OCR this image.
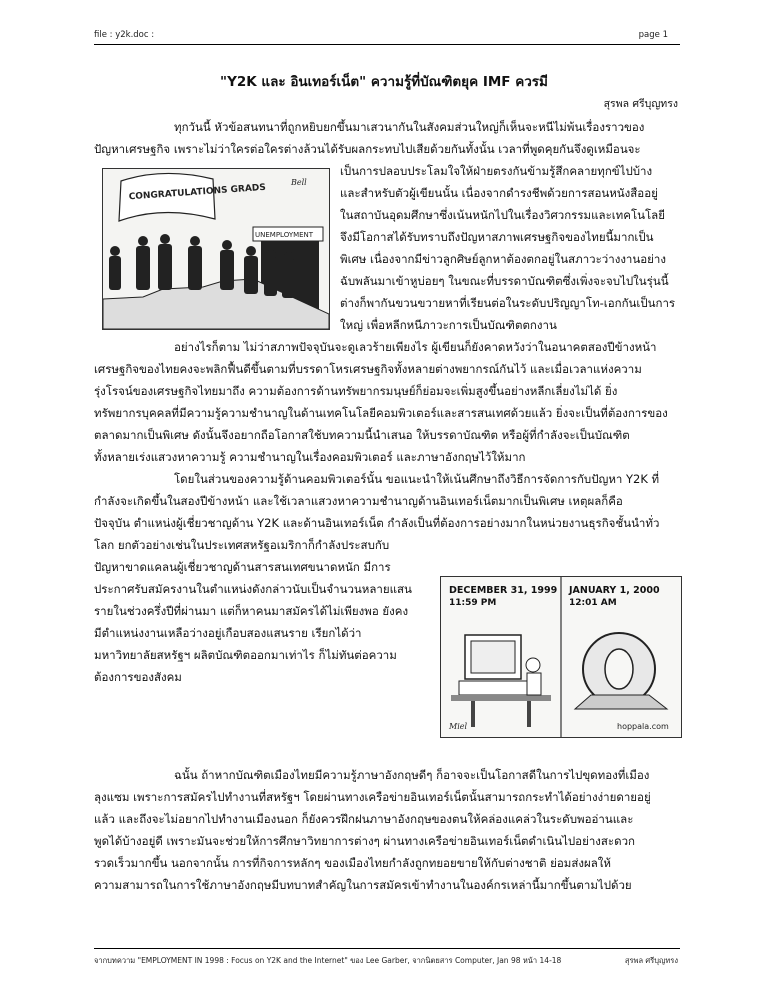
file : y2k.doc :	page 1
"Y2K และ อินเทอร์เน็ต" ความรู้ที่บัณฑิตยุค IMF ควรมี
สุรพล ศรีบุญทรง
ทุกวันนี้ หัวข้อสนทนาที่ถูกหยิบยกขึ้นมาเสวนากันในสังคมส่วนใหญ่ก็เห็นจะหนีไม่พ้นเรื่องราวของ
ปัญหาเศรษฐกิจ เพราะไม่ว่าใครต่อใครต่างล้วนได้รับผลกระทบไปเสียด้วยกันทั้งนั้น เวลาที่พูดคุยกันจึงดูเหมือนจะ
CONGRATULATIONS GRADS
UNEMPLOYMENT
Bell
เป็นการปลอบประโลมใจให้ฝ่ายตรงกันข้ามรู้สึกคลายทุกข์ไปบ้าง
และสำหรับตัวผู้เขียนนั้น เนื่องจากดำรงชีพด้วยการสอนหนังสืออยู่
ในสถาบันอุดมศึกษาซึ่งเน้นหนักไปในเรื่องวิศวกรรมและเทคโนโลยี
จึงมีโอกาสได้รับทราบถึงปัญหาสภาพเศรษฐกิจของไทยนี้มากเป็น
พิเศษ เนื่องจากมีข่าวลูกศิษย์ลูกหาต้องตกอยู่ในสภาวะว่างงานอย่าง
ฉับพลันมาเข้าหูบ่อยๆ ในขณะที่บรรดาบัณฑิตซึ่งเพิ่งจะจบไปในรุ่นนี้
ต่างก็พากันขวนขวายหาที่เรียนต่อในระดับปริญญาโท-เอกกันเป็นการ
ใหญ่ เพื่อหลีกหนีภาวะการเป็นบัณฑิตตกงาน
อย่างไรก็ตาม ไม่ว่าสภาพปัจจุบันจะดูเลวร้ายเพียงไร ผู้เขียนก็ยังคาดหวังว่าในอนาคตสองปีข้างหน้า
เศรษฐกิจของไทยคงจะพลิกฟื้นดีขึ้นตามที่บรรดาโหรเศรษฐกิจทั้งหลายต่างพยากรณ์กันไว้ และเมื่อเวลาแห่งความ
รุ่งโรจน์ของเศรษฐกิจไทยมาถึง ความต้องการด้านทรัพยากรมนุษย์ก็ย่อมจะเพิ่มสูงขึ้นอย่างหลีกเลี่ยงไม่ได้ ยิ่ง
ทรัพยากรบุคคลที่มีความรู้ความชำนาญในด้านเทคโนโลยีคอมพิวเตอร์และสารสนเทศด้วยแล้ว ยิ่งจะเป็นที่ต้องการของ
ตลาดมากเป็นพิเศษ ดังนั้นจึงอยากถือโอกาสใช้บทความนี้นำเสนอ ให้บรรดาบัณฑิต หรือผู้ที่กำลังจะเป็นบัณฑิต
ทั้งหลายเร่งแสวงหาความรู้ ความชำนาญในเรื่องคอมพิวเตอร์ และภาษาอังกฤษไว้ให้มาก
โดยในส่วนของความรู้ด้านคอมพิวเตอร์นั้น ขอแนะนำให้เน้นศึกษาถึงวิธีการจัดการกับปัญหา Y2K ที่
กำลังจะเกิดขึ้นในสองปีข้างหน้า และใช้เวลาแสวงหาความชำนาญด้านอินเทอร์เน็ตมากเป็นพิเศษ เหตุผลก็คือ
ปัจจุบัน ตำแหน่งผู้เชี่ยวชาญด้าน Y2K และด้านอินเทอร์เน็ต กำลังเป็นที่ต้องการอย่างมากในหน่วยงานธุรกิจชั้นนำทั่ว
โลก ยกตัวอย่างเช่นในประเทศสหรัฐอเมริกาก็กำลังประสบกับ
ปัญหาขาดแคลนผู้เชี่ยวชาญด้านสารสนเทศขนาดหนัก มีการ
ประกาศรับสมัครงานในตำแหน่งดังกล่าวนับเป็นจำนวนหลายแสน
รายในช่วงครึ่งปีที่ผ่านมา แต่ก็หาคนมาสมัครได้ไม่เพียงพอ ยังคง
มีตำแหน่งงานเหลือว่างอยู่เกือบสองแสนราย เรียกได้ว่า
มหาวิทยาลัยสหรัฐฯ ผลิตบัณฑิตออกมาเท่าไร ก็ไม่ทันต่อความ
ต้องการของสังคม
DECEMBER 31, 1999
11:59 PM
JANUARY 1, 2000
12:01 AM
Miel	hoppala.com
ฉนั้น ถ้าหากบัณฑิตเมืองไทยมีความรู้ภาษาอังกฤษดีๆ ก็อาจจะเป็นโอกาสดีในการไปขุดทองที่เมือง
ลุงแซม เพราะการสมัครไปทำงานที่สหรัฐฯ โดยผ่านทางเครือข่ายอินเทอร์เน็ตนั้นสามารถกระทำได้อย่างง่ายดายอยู่
แล้ว และถึงจะไม่อยากไปทำงานเมืองนอก ก็ยังควรฝึกฝนภาษาอังกฤษของตนให้คล่องแคล่วในระดับพออ่านและ
พูดได้บ้างอยู่ดี เพราะมันจะช่วยให้การศึกษาวิทยาการต่างๆ ผ่านทางเครือข่ายอินเทอร์เน็ตดำเนินไปอย่างสะดวก
รวดเร็วมากขึ้น นอกจากนั้น การที่กิจการหลักๆ ของเมืองไทยกำลังถูกทยอยขายให้กับต่างชาติ ย่อมส่งผลให้
ความสามารถในการใช้ภาษาอังกฤษมีบทบาทสำคัญในการสมัครเข้าทำงานในองค์กรเหล่านี้มากขึ้นตามไปด้วย
จากบทความ "EMPLOYMENT IN 1998 : Focus on Y2K and the Internet" ของ Lee Garber, จากนิตยสาร Computer, Jan 98 หน้า 14-18	สุรพล ศรีบุญทรง
